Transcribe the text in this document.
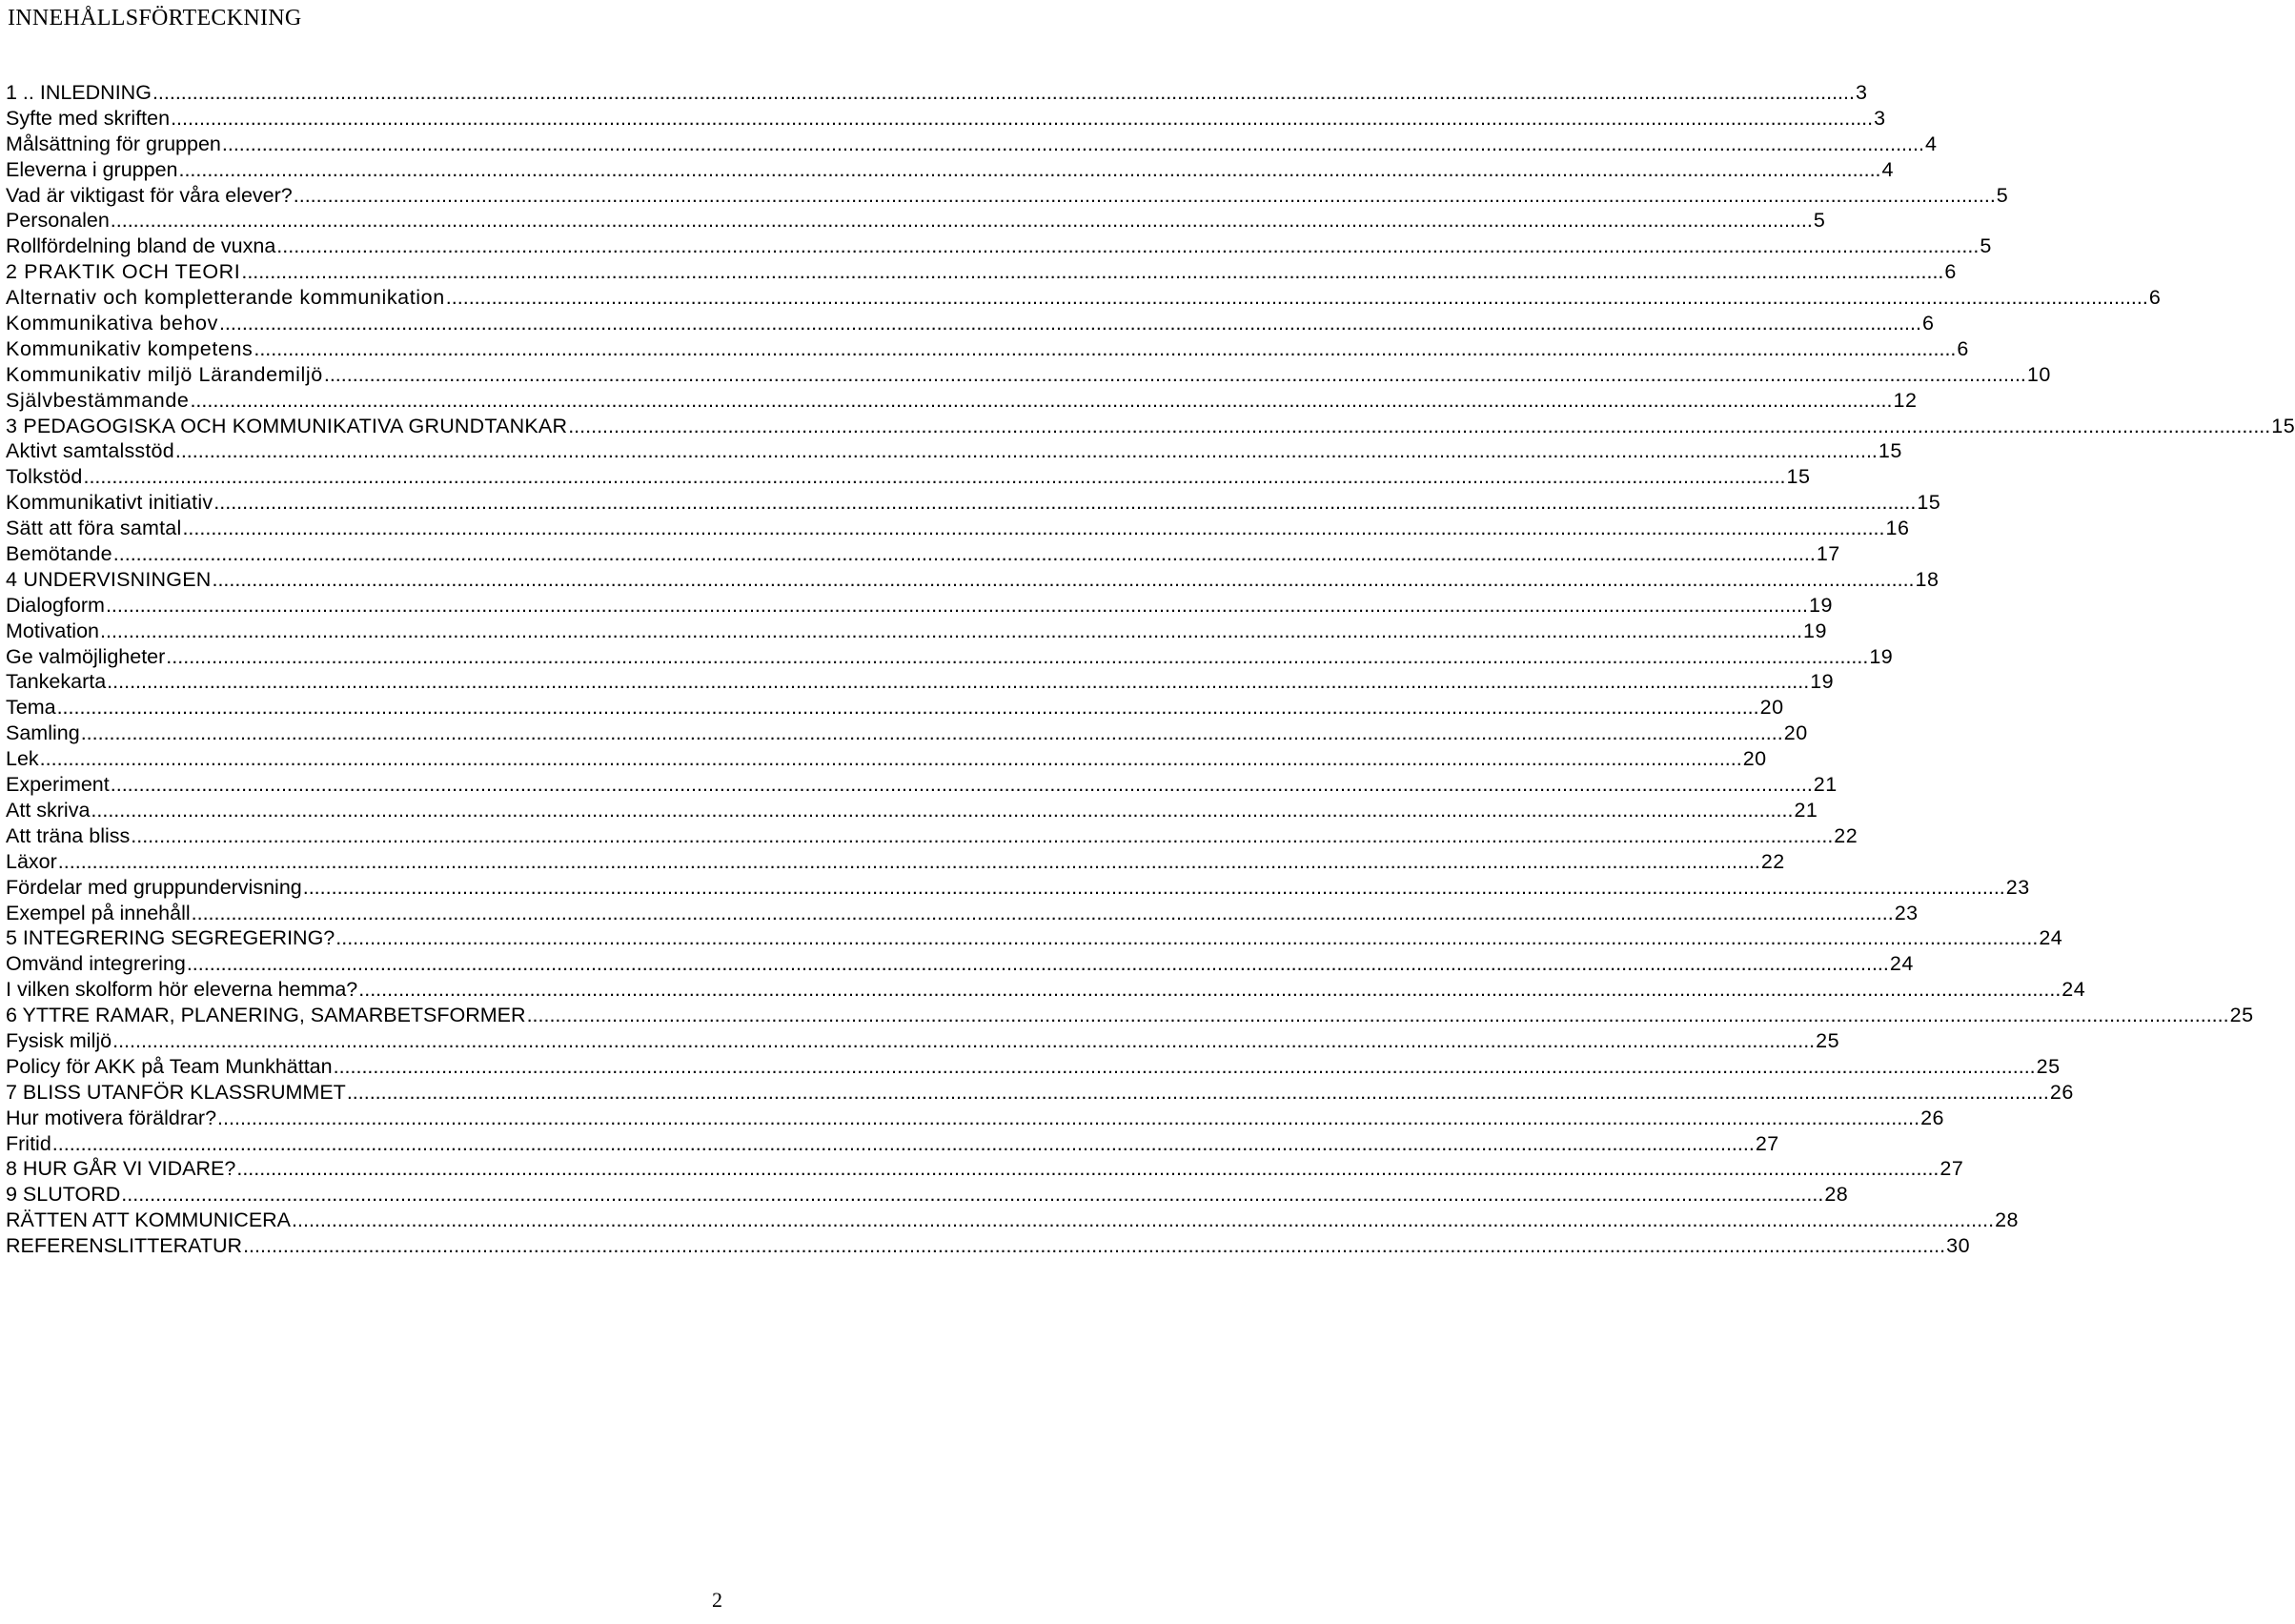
INNEHÅLLSFÖRTECKNING
1 .. INLEDNING .....	3
Syfte med skriften .....	3
Målsättning för gruppen .....	4
Eleverna i gruppen .....	4
Vad är viktigast för våra elever? .....	5
Personalen .....	5
Rollfördelning bland de vuxna .....	5
2 PRAKTIK OCH TEORI .....	6
Alternativ och kompletterande kommunikation .....	6
Kommunikativa behov .....	6
Kommunikativ kompetens .....	6
Kommunikativ miljö Lärandemiljö .....	10
Självbestämmande .....	12
3 PEDAGOGISKA OCH KOMMUNIKATIVA GRUNDTANKAR .....	15
Aktivt samtalsstöd .....	15
Tolkstöd .....	15
Kommunikativt initiativ .....	15
Sätt att föra samtal .....	16
Bemötande .....	17
4 UNDERVISNINGEN .....	18
Dialogform .....	19
Motivation .....	19
Ge valmöjligheter .....	19
Tankekarta .....	19
Tema .....	20
Samling .....	20
Lek .....	20
Experiment .....	21
Att skriva .....	21
Att träna bliss .....	22
Läxor .....	22
Fördelar med gruppundervisning .....	23
Exempel på innehåll .....	23
5 INTEGRERING SEGREGERING? .....	24
Omvänd integrering .....	24
I vilken skolform hör eleverna hemma? .....	24
6 YTTRE RAMAR, PLANERING, SAMARBETSFORMER .....	25
Fysisk miljö .....	25
Policy för AKK på Team Munkhättan .....	25
7 BLISS UTANFÖR KLASSRUMMET .....	26
Hur motivera föräldrar? .....	26
Fritid .....	27
8 HUR GÅR VI VIDARE? .....	27
9 SLUTORD .....	28
RÄTTEN ATT KOMMUNICERA .....	28
REFERENSLITTERATUR .....	30
2
